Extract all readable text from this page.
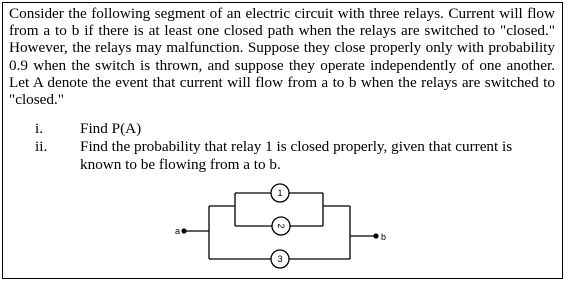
Consider the following segment of an electric circuit with three relays. Current will flow from a to b if there is at least one closed path when the relays are switched to "closed." However, the relays may malfunction. Suppose they close properly only with probability 0.9 when the switch is thrown, and suppose they operate independently of one another. Let A denote the event that current will flow from a to b when the relays are switched to "closed."

i. Find P(A)
ii. Find the probability that relay 1 is closed properly, given that current is
known to be flowing from a to b.
a
b
1
2
3
